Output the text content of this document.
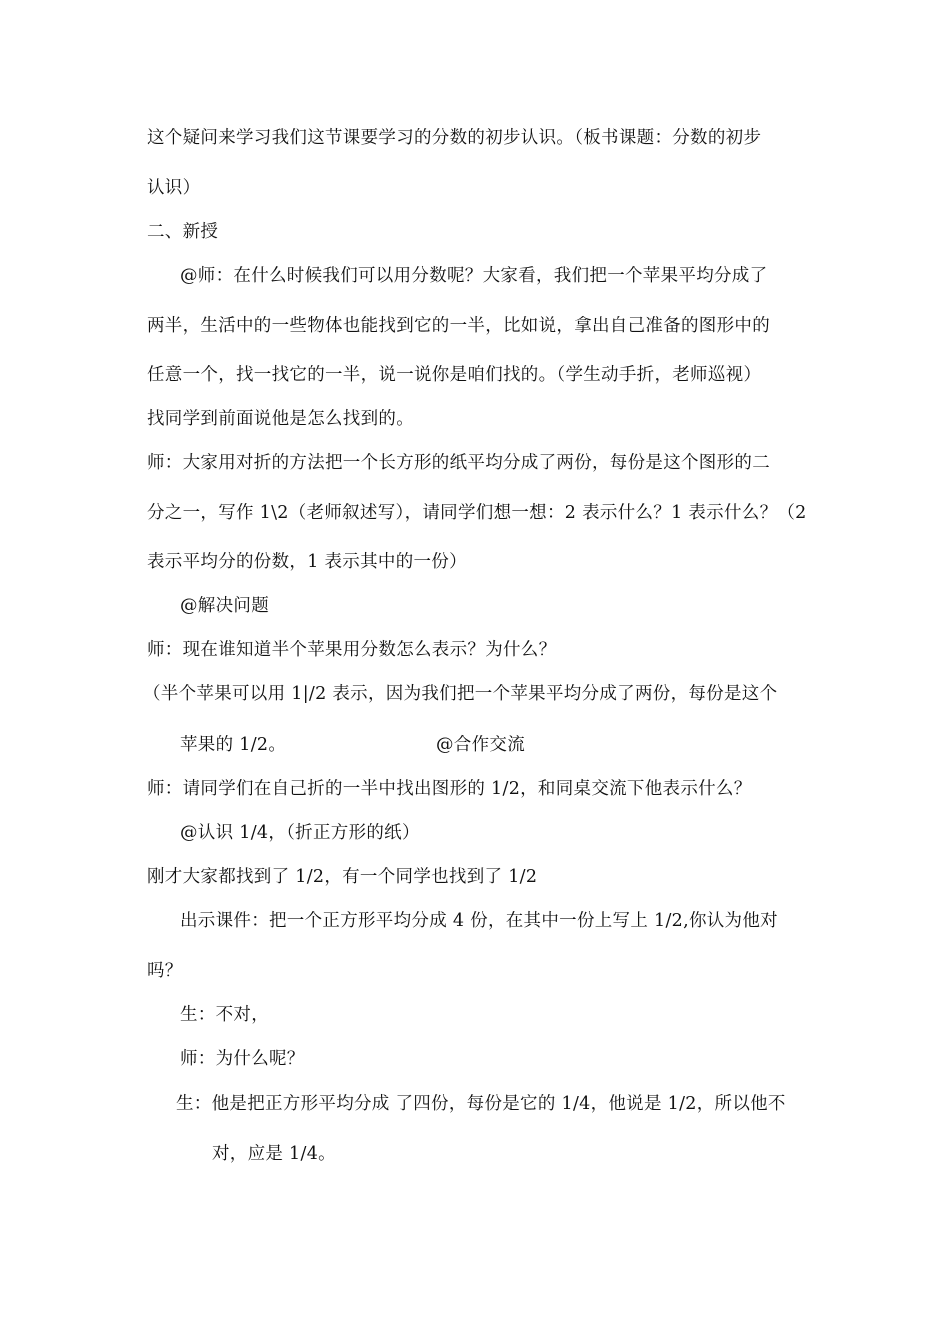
这个疑问来学习我们这节课要学习的分数的初步认识。（板书课题：分数的初步
认识）
二、新授
@师：在什么时候我们可以用分数呢？大家看，我们把一个苹果平均分成了
两半，生活中的一些物体也能找到它的一半，比如说，拿出自己准备的图形中的
任意一个，找一找它的一半，说一说你是咱们找的。（学生动手折，老师巡视）
找同学到前面说他是怎么找到的。
师：大家用对折的方法把一个长方形的纸平均分成了两份，每份是这个图形的二
分之一，写作 1\2（老师叙述写），请同学们想一想：2 表示什么？1 表示什么？（2
表示平均分的份数，1 表示其中的一份）
@解决问题
师：现在谁知道半个苹果用分数怎么表示？为什么？
（半个苹果可以用 1|/2 表示，因为我们把一个苹果平均分成了两份，每份是这个
苹果的 1/2。	@合作交流
师：请同学们在自己折的一半中找出图形的 1/2，和同桌交流下他表示什么？
@认识 1/4，（折正方形的纸）
刚才大家都找到了 1/2，有一个同学也找到了 1/2
出示课件：把一个正方形平均分成 4 份，在其中一份上写上 1/2,你认为他对
吗？
生：不对，
师：为什么呢？
生：他是把正方形平均分成 了四份，每份是它的 1/4，他说是 1/2，所以他不
对，应是 1/4。
